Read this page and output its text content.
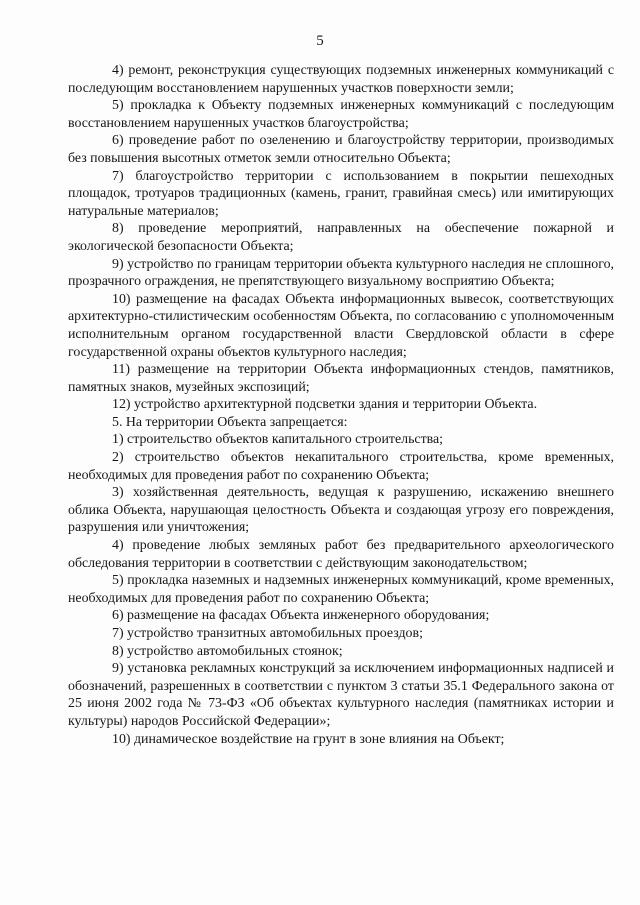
5

4) ремонт, реконструкция существующих подземных инженерных коммуникаций с последующим восстановлением нарушенных участков поверхности земли;

5) прокладка к Объекту подземных инженерных коммуникаций с последующим восстановлением нарушенных участков благоустройства;

6) проведение работ по озеленению и благоустройству территории, производимых без повышения высотных отметок земли относительно Объекта;

7) благоустройство территории с использованием в покрытии пешеходных площадок, тротуаров традиционных (камень, гранит, гравийная смесь) или имитирующих натуральные материалов;

8) проведение мероприятий, направленных на обеспечение пожарной и экологической безопасности Объекта;

9) устройство по границам территории объекта культурного наследия не сплошного, прозрачного ограждения, не препятствующего визуальному восприятию Объекта;

10) размещение на фасадах Объекта информационных вывесок, соответствующих архитектурно-стилистическим особенностям Объекта, по согласованию с уполномоченным исполнительным органом государственной власти Свердловской области в сфере государственной охраны объектов культурного наследия;

11) размещение на территории Объекта информационных стендов, памятников, памятных знаков, музейных экспозиций;

12) устройство архитектурной подсветки здания и территории Объекта.

5. На территории Объекта запрещается:

1) строительство объектов капитального строительства;

2) строительство объектов некапитального строительства, кроме временных, необходимых для проведения работ по сохранению Объекта;

3) хозяйственная деятельность, ведущая к разрушению, искажению внешнего облика Объекта, нарушающая целостность Объекта и создающая угрозу его повреждения, разрушения или уничтожения;

4) проведение любых земляных работ без предварительного археологического обследования территории в соответствии с действующим законодательством;

5) прокладка наземных и надземных инженерных коммуникаций, кроме временных, необходимых для проведения работ по сохранению Объекта;

6) размещение на фасадах Объекта инженерного оборудования;

7) устройство транзитных автомобильных проездов;

8) устройство автомобильных стоянок;

9) установка рекламных конструкций за исключением информационных надписей и обозначений, разрешенных в соответствии с пунктом 3 статьи 35.1 Федерального закона от 25 июня 2002 года № 73-ФЗ «Об объектах культурного наследия (памятниках истории и культуры) народов Российской Федерации»;

10) динамическое воздействие на грунт в зоне влияния на Объект;
